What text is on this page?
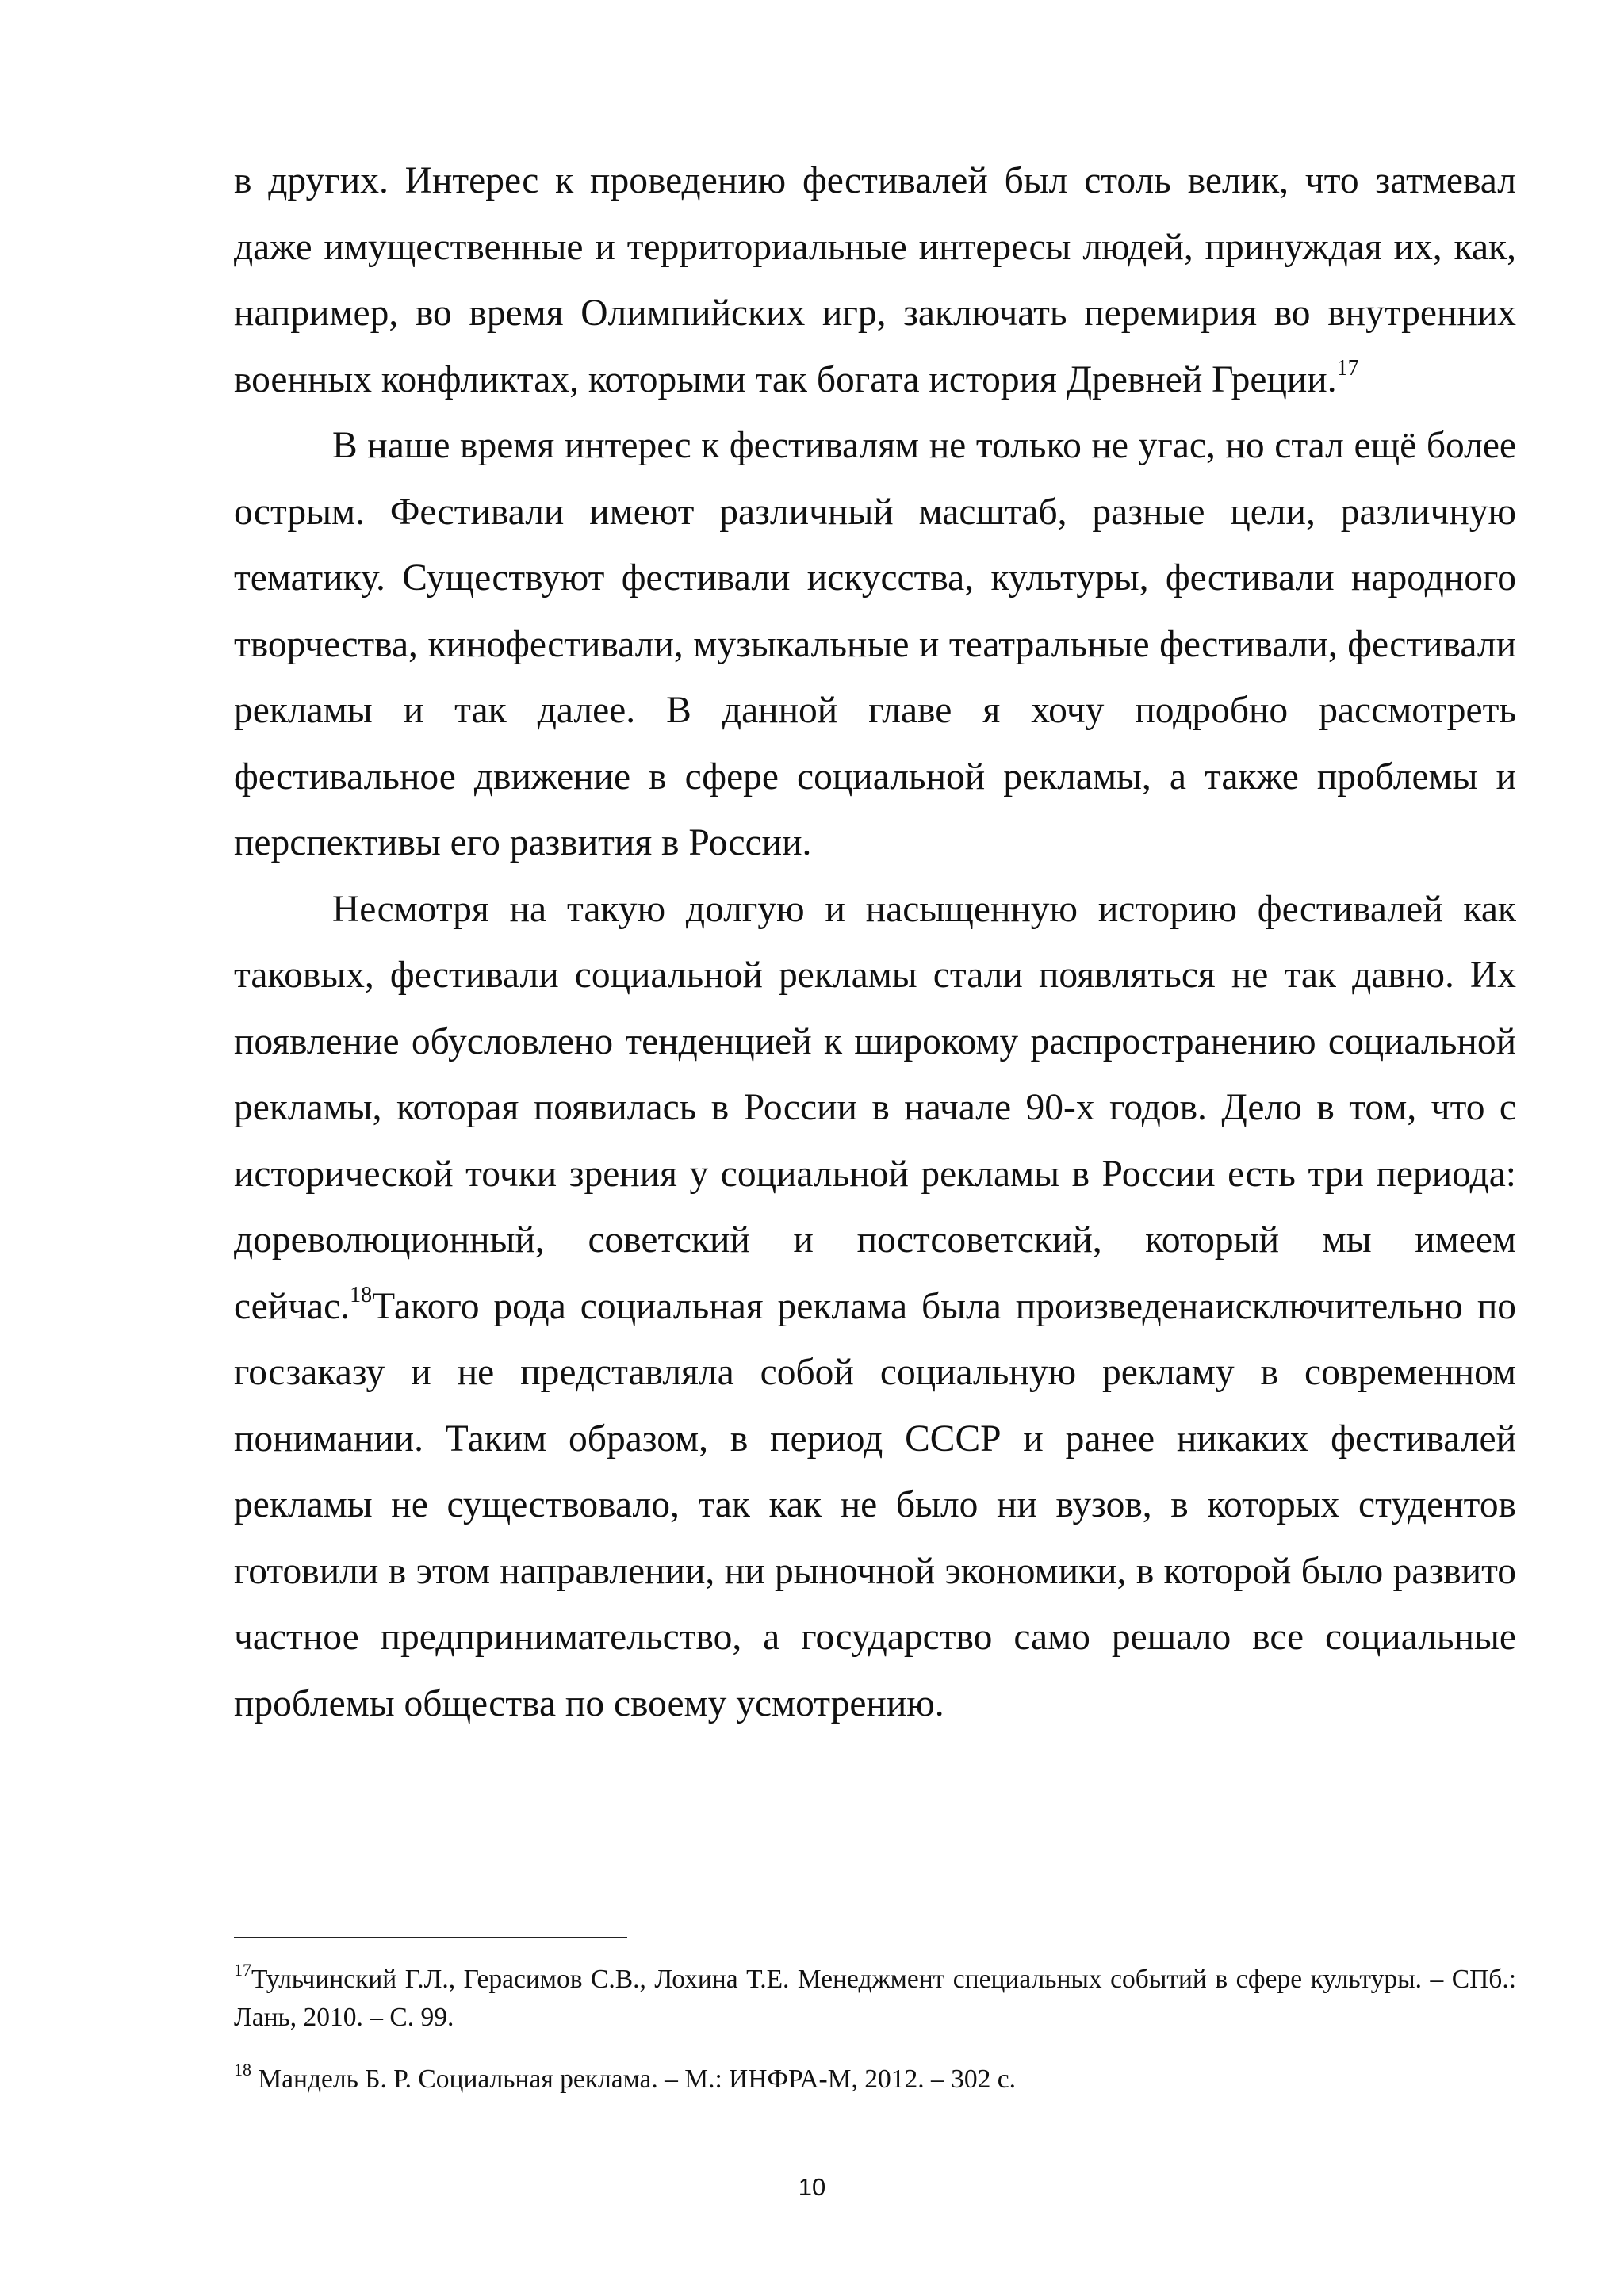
в других. Интерес к проведению фестивалей был столь велик, что затмевал даже имущественные и территориальные интересы людей, принуждая их, как, например, во время Олимпийских игр, заключать перемирия во внутренних военных конфликтах, которыми так богата история Древней Греции.$^{17}$

В наше время интерес к фестивалям не только не угас, но стал ещё более острым. Фестивали имеют различный масштаб, разные цели, различную тематику. Существуют фестивали искусства, культуры, фестивали народного творчества, кинофестивали, музыкальные и театральные фестивали, фестивали рекламы и так далее. В данной главе я хочу подробно рассмотреть фестивальное движение в сфере социальной рекламы, а также проблемы и перспективы его развития в России.

Несмотря на такую долгую и насыщенную историю фестивалей как таковых, фестивали социальной рекламы стали появляться не так давно. Их появление обусловлено тенденцией к широкому распространению социальной рекламы, которая появилась в России в начале 90-х годов. Дело в том, что с исторической точки зрения у социальной рекламы в России есть три периода: дореволюционный, советский и постсоветский, который мы имеем сейчас.$^{18}$Такого рода социальная реклама была произведенаисключительно по госзаказу и не представляла собой социальную рекламу в современном понимании. Таким образом, в период СССР и ранее никаких фестивалей рекламы не существовало, так как не было ни вузов, в которых студентов готовили в этом направлении, ни рыночной экономики, в которой было развито частное предпринимательство, а государство само решало все социальные проблемы общества по своему усмотрению.

$^{17}$Тульчинский Г.Л., Герасимов С.В., Лохина Т.Е. Менеджмент специальных событий в сфере культуры. – СПб.: Лань, 2010. – С. 99.

$^{18}$ Мандель Б. Р. Социальная реклама. – М.: ИНФРА-М, 2012. – 302 с.

10
